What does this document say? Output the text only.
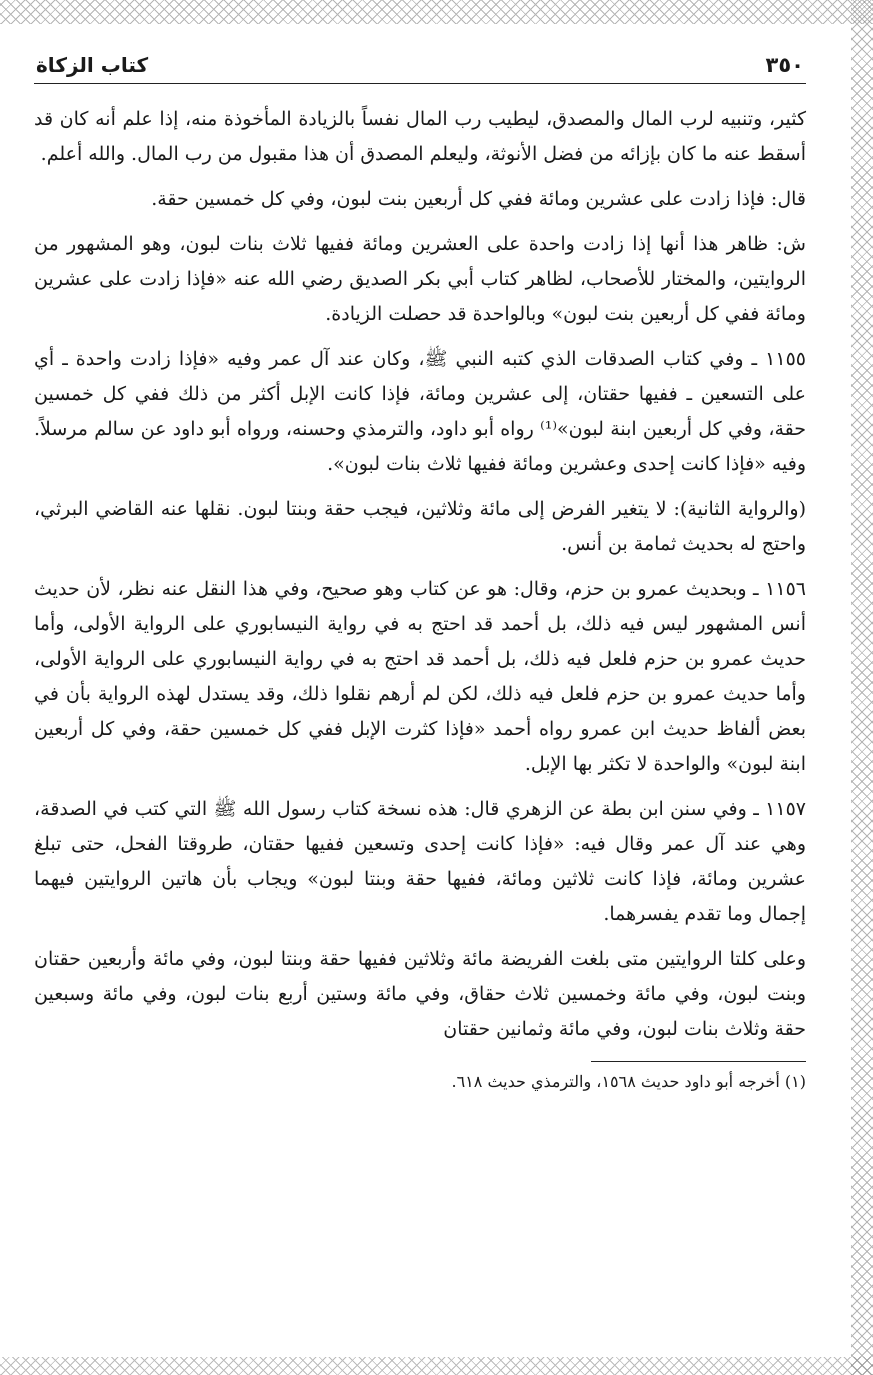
٣٥٠
كتاب الزكاة

كثير، وتنبيه لرب المال والمصدق، ليطيب رب المال نفساً بالزيادة المأخوذة منه، إذا علم أنه كان قد أسقط عنه ما كان بإزائه من فضل الأنوثة، وليعلم المصدق أن هذا مقبول من رب المال. والله أعلم.

قال: فإذا زادت على عشرين ومائة ففي كل أربعين بنت لبون، وفي كل خمسين حقة.

ش: ظاهر هذا أنها إذا زادت واحدة على العشرين ومائة ففيها ثلاث بنات لبون، وهو المشهور من الروايتين، والمختار للأصحاب، لظاهر كتاب أبي بكر الصديق رضي الله عنه «فإذا زادت على عشرين ومائة ففي كل أربعين بنت لبون» وبالواحدة قد حصلت الزيادة.

١١٥٥ ـ وفي كتاب الصدقات الذي كتبه النبي ﷺ، وكان عند آل عمر وفيه «فإذا زادت واحدة ـ أي على التسعين ـ ففيها حقتان، إلى عشرين ومائة، فإذا كانت الإبل أكثر من ذلك ففي كل خمسين حقة، وفي كل أربعين ابنة لبون»⁽¹⁾ رواه أبو داود، والترمذي وحسنه، ورواه أبو داود عن سالم مرسلاً. وفيه «فإذا كانت إحدى وعشرين ومائة ففيها ثلاث بنات لبون».

(والرواية الثانية): لا يتغير الفرض إلى مائة وثلاثين، فيجب حقة وبنتا لبون. نقلها عنه القاضي البرثي، واحتج له بحديث ثمامة بن أنس.

١١٥٦ ـ وبحديث عمرو بن حزم، وقال: هو عن كتاب وهو صحيح، وفي هذا النقل عنه نظر، لأن حديث أنس المشهور ليس فيه ذلك، بل أحمد قد احتج به في رواية النيسابوري على الرواية الأولى، وأما حديث عمرو بن حزم فلعل فيه ذلك، بل أحمد قد احتج به في رواية النيسابوري على الرواية الأولى، وأما حديث عمرو بن حزم فلعل فيه ذلك، لكن لم أرهم نقلوا ذلك، وقد يستدل لهذه الرواية بأن في بعض ألفاظ حديث ابن عمرو رواه أحمد «فإذا كثرت الإبل ففي كل خمسين حقة، وفي كل أربعين ابنة لبون» والواحدة لا تكثر بها الإبل.

١١٥٧ ـ وفي سنن ابن بطة عن الزهري قال: هذه نسخة كتاب رسول الله ﷺ التي كتب في الصدقة، وهي عند آل عمر وقال فيه: «فإذا كانت إحدى وتسعين ففيها حقتان، طروقتا الفحل، حتى تبلغ عشرين ومائة، فإذا كانت ثلاثين ومائة، ففيها حقة وبنتا لبون» ويجاب بأن هاتين الروايتين فيهما إجمال وما تقدم يفسرهما.

وعلى كلتا الروايتين متى بلغت الفريضة مائة وثلاثين ففيها حقة وبنتا لبون، وفي مائة وأربعين حقتان وبنت لبون، وفي مائة وخمسين ثلاث حقاق، وفي مائة وستين أربع بنات لبون، وفي مائة وسبعين حقة وثلاث بنات لبون، وفي مائة وثمانين حقتان

(١) أخرجه أبو داود حديث ١٥٦٨، والترمذي حديث ٦١٨.
